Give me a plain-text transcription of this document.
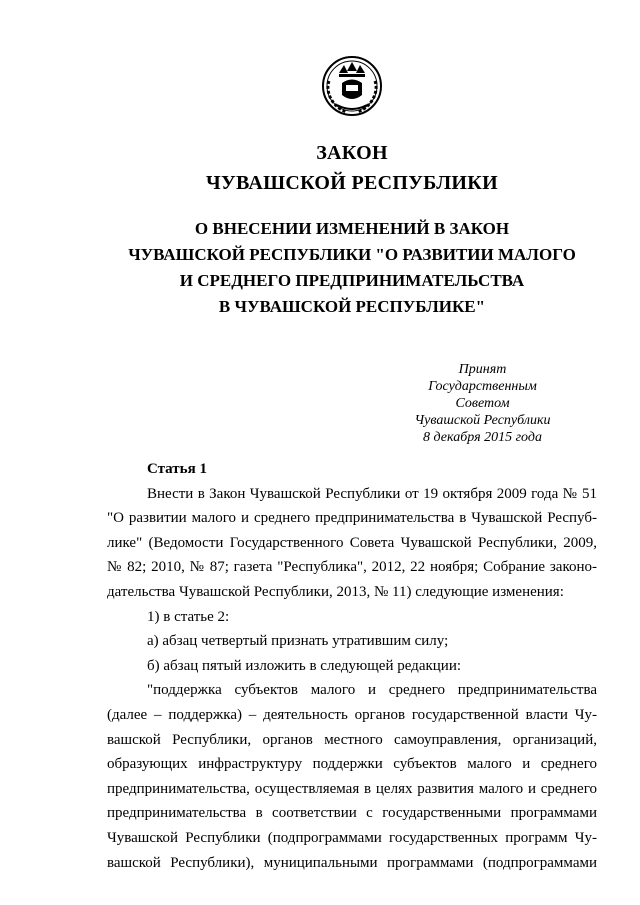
ЗАКОН
ЧУВАШСКОЙ РЕСПУБЛИКИ
О ВНЕСЕНИИ ИЗМЕНЕНИЙ В ЗАКОН
ЧУВАШСКОЙ РЕСПУБЛИКИ "О РАЗВИТИИ МАЛОГО
И СРЕДНЕГО ПРЕДПРИНИМАТЕЛЬСТВА
В ЧУВАШСКОЙ РЕСПУБЛИКЕ"
Принят
Государственным Советом
Чувашской Республики
8 декабря 2015 года

Статья 1

Внести в Закон Чувашской Республики от 19 октября 2009 года № 51

"О развитии малого и среднего предпринимательства в Чувашской Респуб-

лике" (Ведомости Государственного Совета Чувашской Республики, 2009,

№ 82; 2010, № 87; газета "Республика", 2012, 22 ноября; Собрание законо-

дательства Чувашской Республики, 2013, № 11) следующие изменения:

1) в статье 2:

а) абзац четвертый признать утратившим силу;

б) абзац пятый изложить в следующей редакции:

"поддержка субъектов малого и среднего предпринимательства

(далее – поддержка) – деятельность органов государственной власти Чу-

вашской Республики, органов местного самоуправления, организаций,

образующих инфраструктуру поддержки субъектов малого и среднего

предпринимательства, осуществляемая в целях развития малого и среднего

предпринимательства в соответствии с государственными программами

Чувашской Республики (подпрограммами государственных программ Чу-

вашской Республики), муниципальными программами (подпрограммами
